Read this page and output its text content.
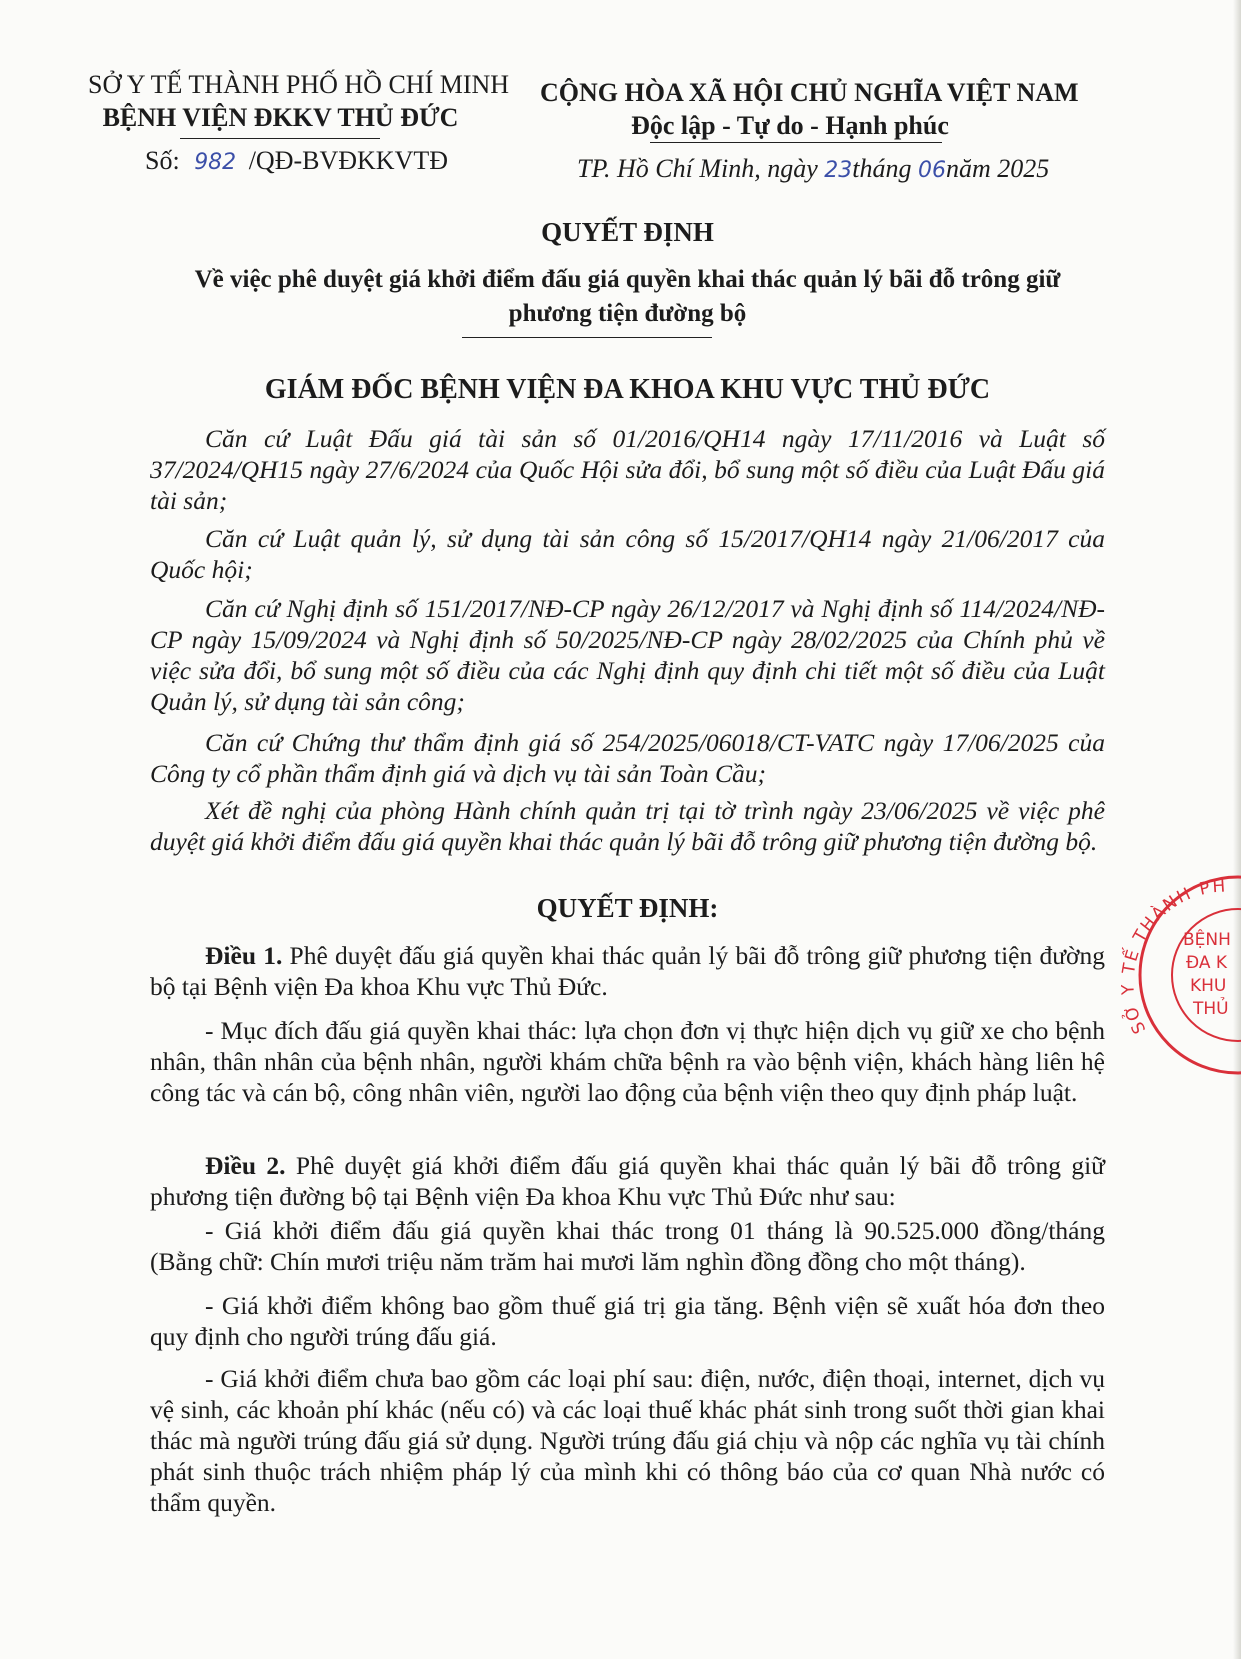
SỞ Y TẾ THÀNH PHỐ HỒ CHÍ MINH
BỆNH VIỆN ĐKKV THỦ ĐỨC
Số: 982 /QĐ-BVĐKKVTĐ
CỘNG HÒA XÃ HỘI CHỦ NGHĨA VIỆT NAM
Độc lập - Tự do - Hạnh phúc
TP. Hồ Chí Minh, ngày 23tháng 06năm 2025
QUYẾT ĐỊNH
Về việc phê duyệt giá khởi điểm đấu giá quyền khai thác quản lý bãi đỗ trông giữ
phương tiện đường bộ
GIÁM ĐỐC BỆNH VIỆN ĐA KHOA KHU VỰC THỦ ĐỨC
Căn cứ Luật Đấu giá tài sản số 01/2016/QH14 ngày 17/11/2016 và Luật số 37/2024/QH15 ngày 27/6/2024 của Quốc Hội sửa đổi, bổ sung một số điều của Luật Đấu giá tài sản;
Căn cứ Luật quản lý, sử dụng tài sản công số 15/2017/QH14 ngày 21/06/2017 của Quốc hội;
Căn cứ Nghị định số 151/2017/NĐ-CP ngày 26/12/2017 và Nghị định số 114/2024/NĐ-CP ngày 15/09/2024 và Nghị định số 50/2025/NĐ-CP ngày 28/02/2025 của Chính phủ về việc sửa đổi, bổ sung một số điều của các Nghị định quy định chi tiết một số điều của Luật Quản lý, sử dụng tài sản công;
Căn cứ Chứng thư thẩm định giá số 254/2025/06018/CT-VATC ngày 17/06/2025 của Công ty cổ phần thẩm định giá và dịch vụ tài sản Toàn Cầu;
Xét đề nghị của phòng Hành chính quản trị tại tờ trình ngày 23/06/2025 về việc phê duyệt giá khởi điểm đấu giá quyền khai thác quản lý bãi đỗ trông giữ phương tiện đường bộ.
QUYẾT ĐỊNH:
Điều 1. Phê duyệt đấu giá quyền khai thác quản lý bãi đỗ trông giữ phương tiện đường bộ tại Bệnh viện Đa khoa Khu vực Thủ Đức.
- Mục đích đấu giá quyền khai thác: lựa chọn đơn vị thực hiện dịch vụ giữ xe cho bệnh nhân, thân nhân của bệnh nhân, người khám chữa bệnh ra vào bệnh viện, khách hàng liên hệ công tác và cán bộ, công nhân viên, người lao động của bệnh viện theo quy định pháp luật.
Điều 2. Phê duyệt giá khởi điểm đấu giá quyền khai thác quản lý bãi đỗ trông giữ phương tiện đường bộ tại Bệnh viện Đa khoa Khu vực Thủ Đức như sau:
- Giá khởi điểm đấu giá quyền khai thác trong 01 tháng là 90.525.000 đồng/tháng (Bằng chữ: Chín mươi triệu năm trăm hai mươi lăm nghìn đồng đồng cho một tháng).
- Giá khởi điểm không bao gồm thuế giá trị gia tăng. Bệnh viện sẽ xuất hóa đơn theo quy định cho người trúng đấu giá.
- Giá khởi điểm chưa bao gồm các loại phí sau: điện, nước, điện thoại, internet, dịch vụ vệ sinh, các khoản phí khác (nếu có) và các loại thuế khác phát sinh trong suốt thời gian khai thác mà người trúng đấu giá sử dụng. Người trúng đấu giá chịu và nộp các nghĩa vụ tài chính phát sinh thuộc trách nhiệm pháp lý của mình khi có thông báo của cơ quan Nhà nước có thẩm quyền.
SỞ Y TẾ THÀNH PH
BỆNH
ĐA K
KHU
THỦ
